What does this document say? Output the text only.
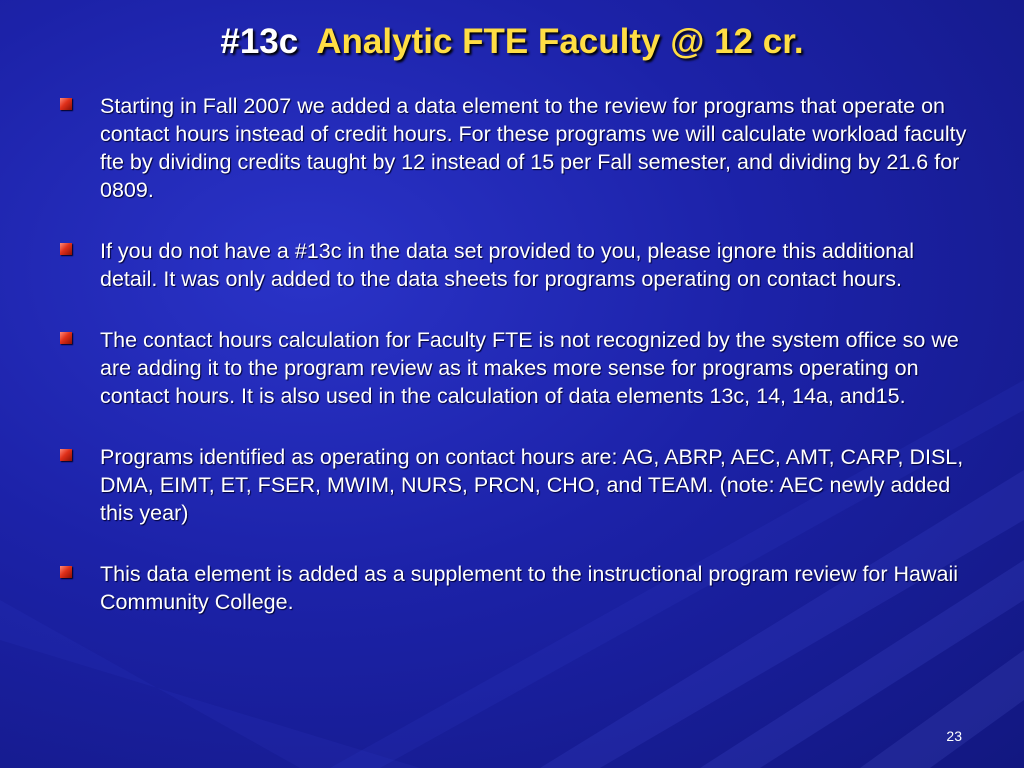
#13c Analytic FTE Faculty @ 12 cr.
Starting in Fall 2007 we added a data element to the review for programs that operate on contact hours instead of credit hours. For these programs we will calculate workload faculty fte by dividing credits taught by 12 instead of 15 per Fall semester, and dividing by 21.6 for 0809.
If you do not have a #13c in the data set provided to you, please ignore this additional detail. It was only added to the data sheets for programs operating on contact hours.
The contact hours calculation for Faculty FTE is not recognized by the system office so we are adding it to the program review as it makes more sense for programs operating on contact hours. It is also used in the calculation of data elements 13c, 14, 14a, and15.
Programs identified as operating on contact hours are: AG, ABRP, AEC, AMT, CARP, DISL, DMA, EIMT, ET, FSER, MWIM, NURS, PRCN, CHO, and TEAM. (note: AEC newly added this year)
This data element is added as a supplement to the instructional program review for Hawaii Community College.
23
